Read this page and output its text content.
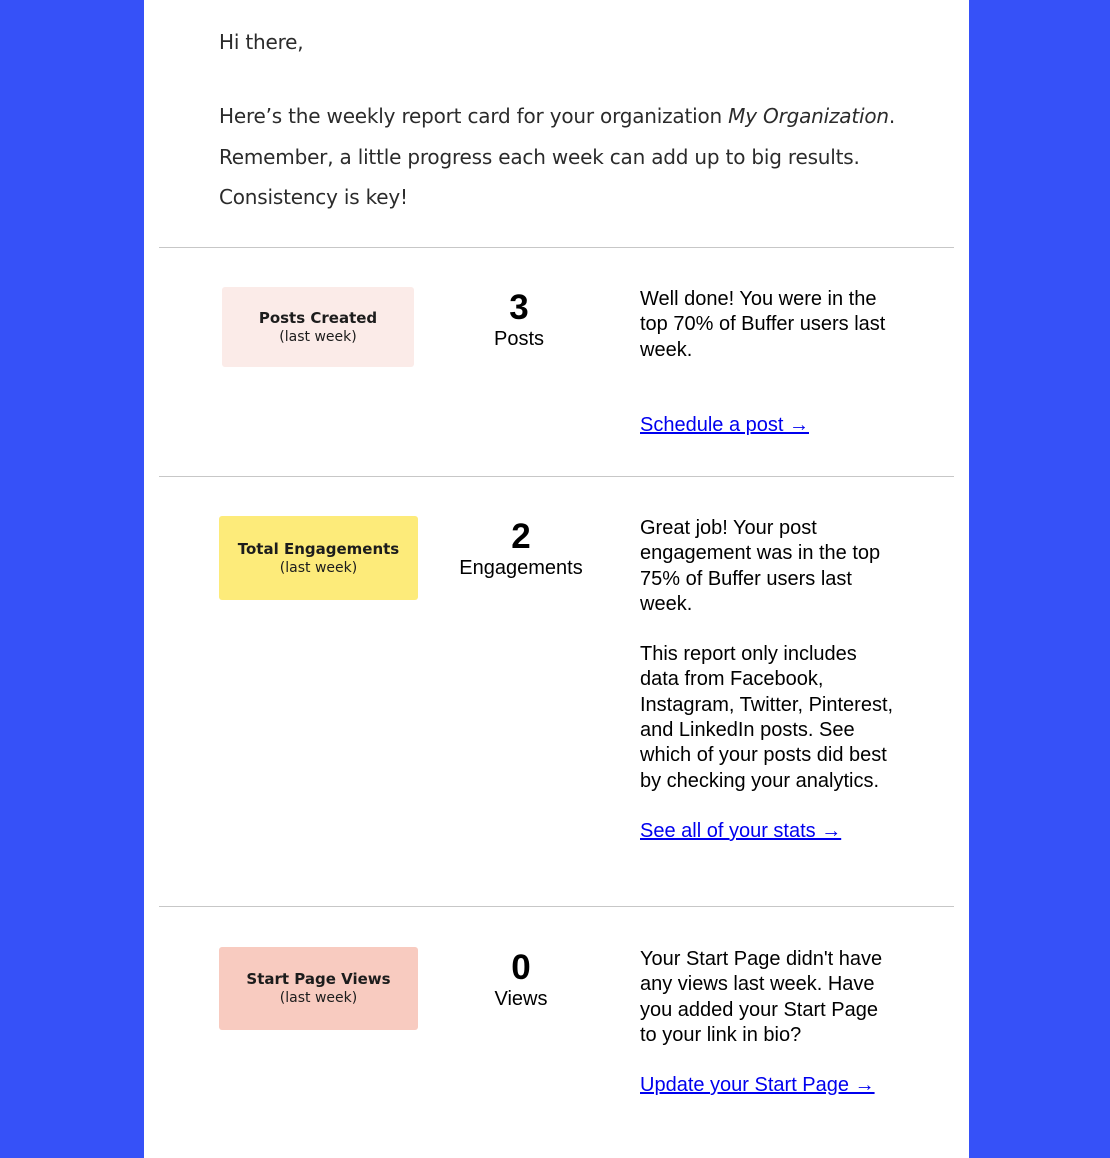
Hi there,

Here’s the weekly report card for your organization My Organization.
Remember, a little progress each week can add up to big results.
Consistency is key!

Posts Created
(last week)
3
Posts

Well done! You were in the top 70% of Buffer users last week.

Schedule a post →

Total Engagements
(last week)
2
Engagements

Great job! Your post engagement was in the top 75% of Buffer users last week.

This report only includes data from Facebook, Instagram, Twitter, Pinterest, and LinkedIn posts. See which of your posts did best by checking your analytics.

See all of your stats →

Start Page Views
(last week)
0
Views

Your Start Page didn't have any views last week. Have you added your Start Page to your link in bio?

Update your Start Page →
